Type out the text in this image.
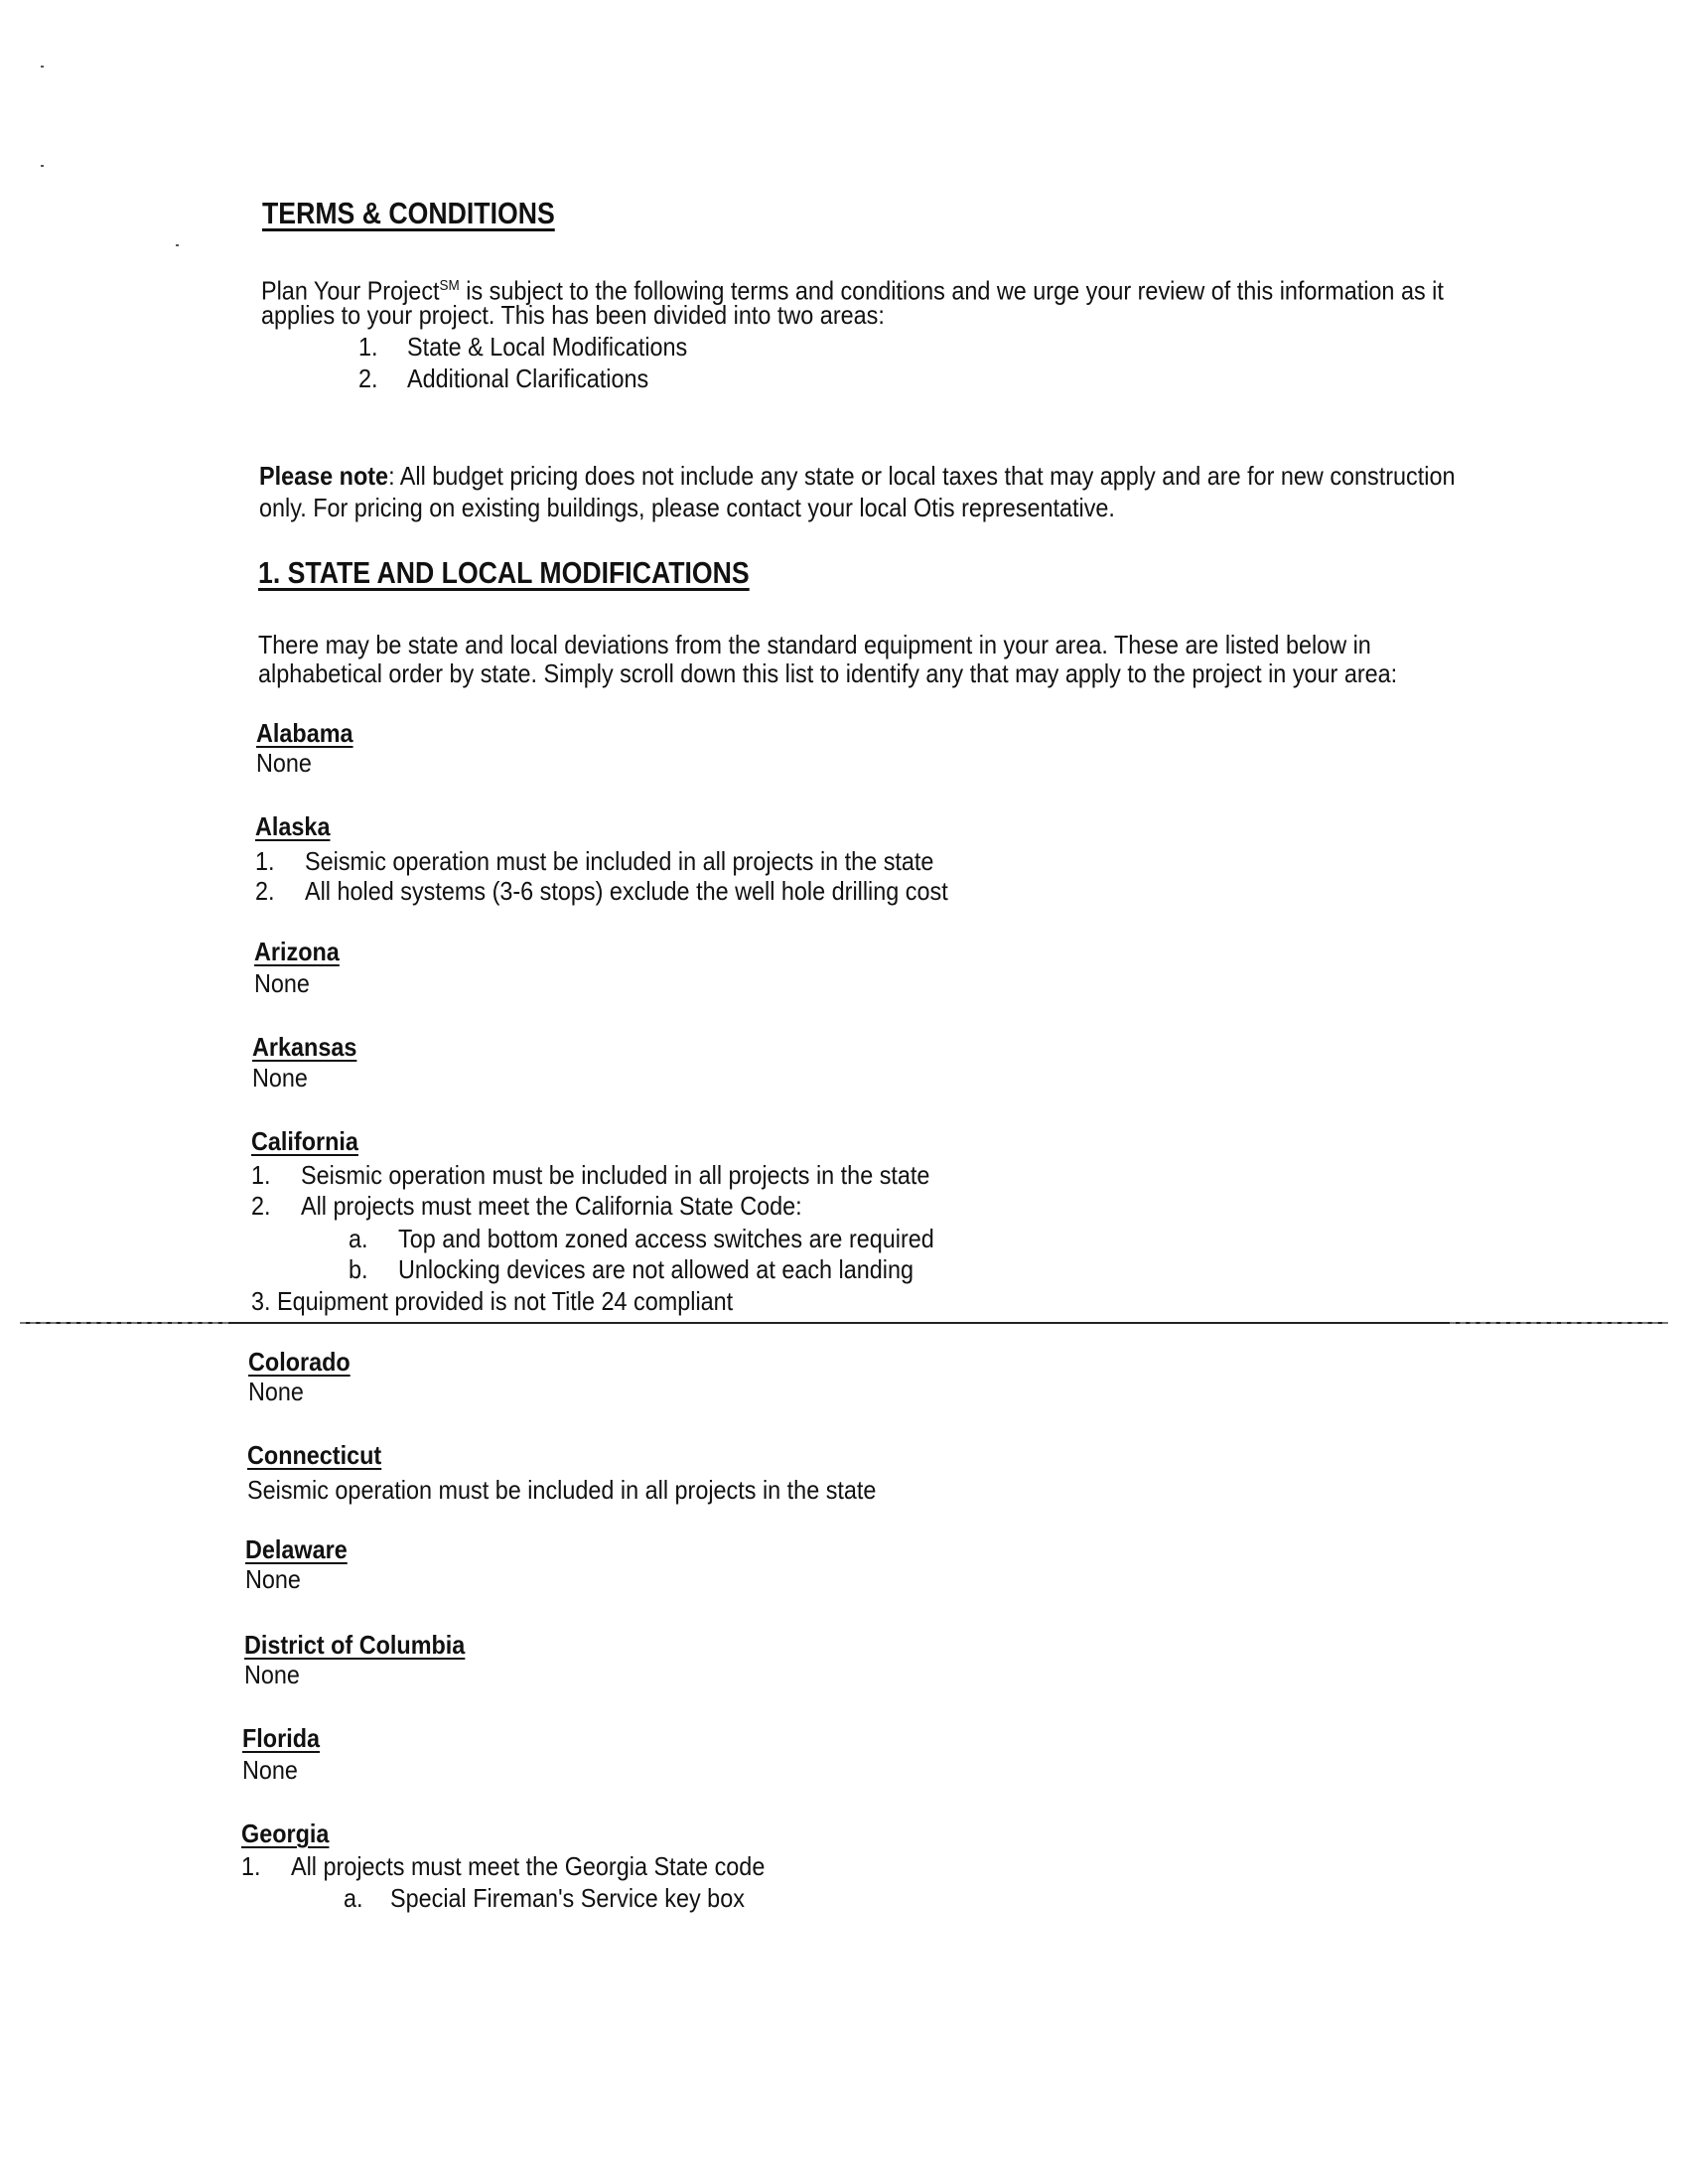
TERMS & CONDITIONS
Plan Your Project℠ is subject to the following terms and conditions and we urge your review of this information as it
applies to your project. This has been divided into two areas:
1. State & Local Modifications
2. Additional Clarifications
Please note: All budget pricing does not include any state or local taxes that may apply and are for new construction
only. For pricing on existing buildings, please contact your local Otis representative.
1. STATE AND LOCAL MODIFICATIONS
There may be state and local deviations from the standard equipment in your area. These are listed below in
alphabetical order by state. Simply scroll down this list to identify any that may apply to the project in your area:
Alabama
None
Alaska
1. Seismic operation must be included in all projects in the state
2. All holed systems (3-6 stops) exclude the well hole drilling cost
Arizona
None
Arkansas
None
California
1. Seismic operation must be included in all projects in the state
2. All projects must meet the California State Code:
a. Top and bottom zoned access switches are required
b. Unlocking devices are not allowed at each landing
3. Equipment provided is not Title 24 compliant
Colorado
None
Connecticut
Seismic operation must be included in all projects in the state
Delaware
None
District of Columbia
None
Florida
None
Georgia
1. All projects must meet the Georgia State code
a. Special Fireman's Service key box
